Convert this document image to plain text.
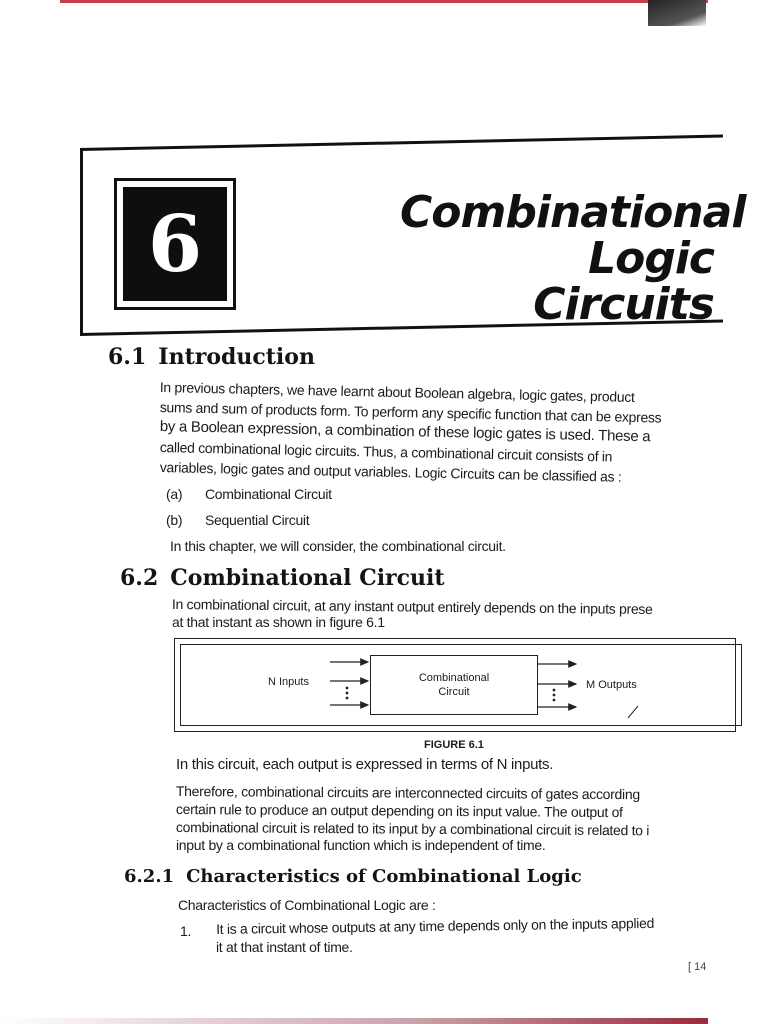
6	Combinational
Logic Circuits
6.1 Introduction
In previous chapters, we have learnt about Boolean algebra, logic gates, product
sums and sum of products form. To perform any specific function that can be express
by a Boolean expression, a combination of these logic gates is used. These a
called combinational logic circuits. Thus, a combinational circuit consists of in
variables, logic gates and output variables. Logic Circuits can be classified as :
(a) Combinational Circuit
(b) Sequential Circuit
In this chapter, we will consider, the combinational circuit.
6.2 Combinational Circuit
In combinational circuit, at any instant output entirely depends on the inputs prese
at that instant as shown in figure 6.1
Combinational
Circuit
N Inputs	M Outputs
FIGURE 6.1
In this circuit, each output is expressed in terms of N inputs.
Therefore, combinational circuits are interconnected circuits of gates according
certain rule to produce an output depending on its input value. The output of
combinational circuit is related to its input by a combinational circuit is related to i
input by a combinational function which is independent of time.
6.2.1 Characteristics of Combinational Logic
Characteristics of Combinational Logic are :
1. It is a circuit whose outputs at any time depends only on the inputs applied
it at that instant of time.
[ 14
